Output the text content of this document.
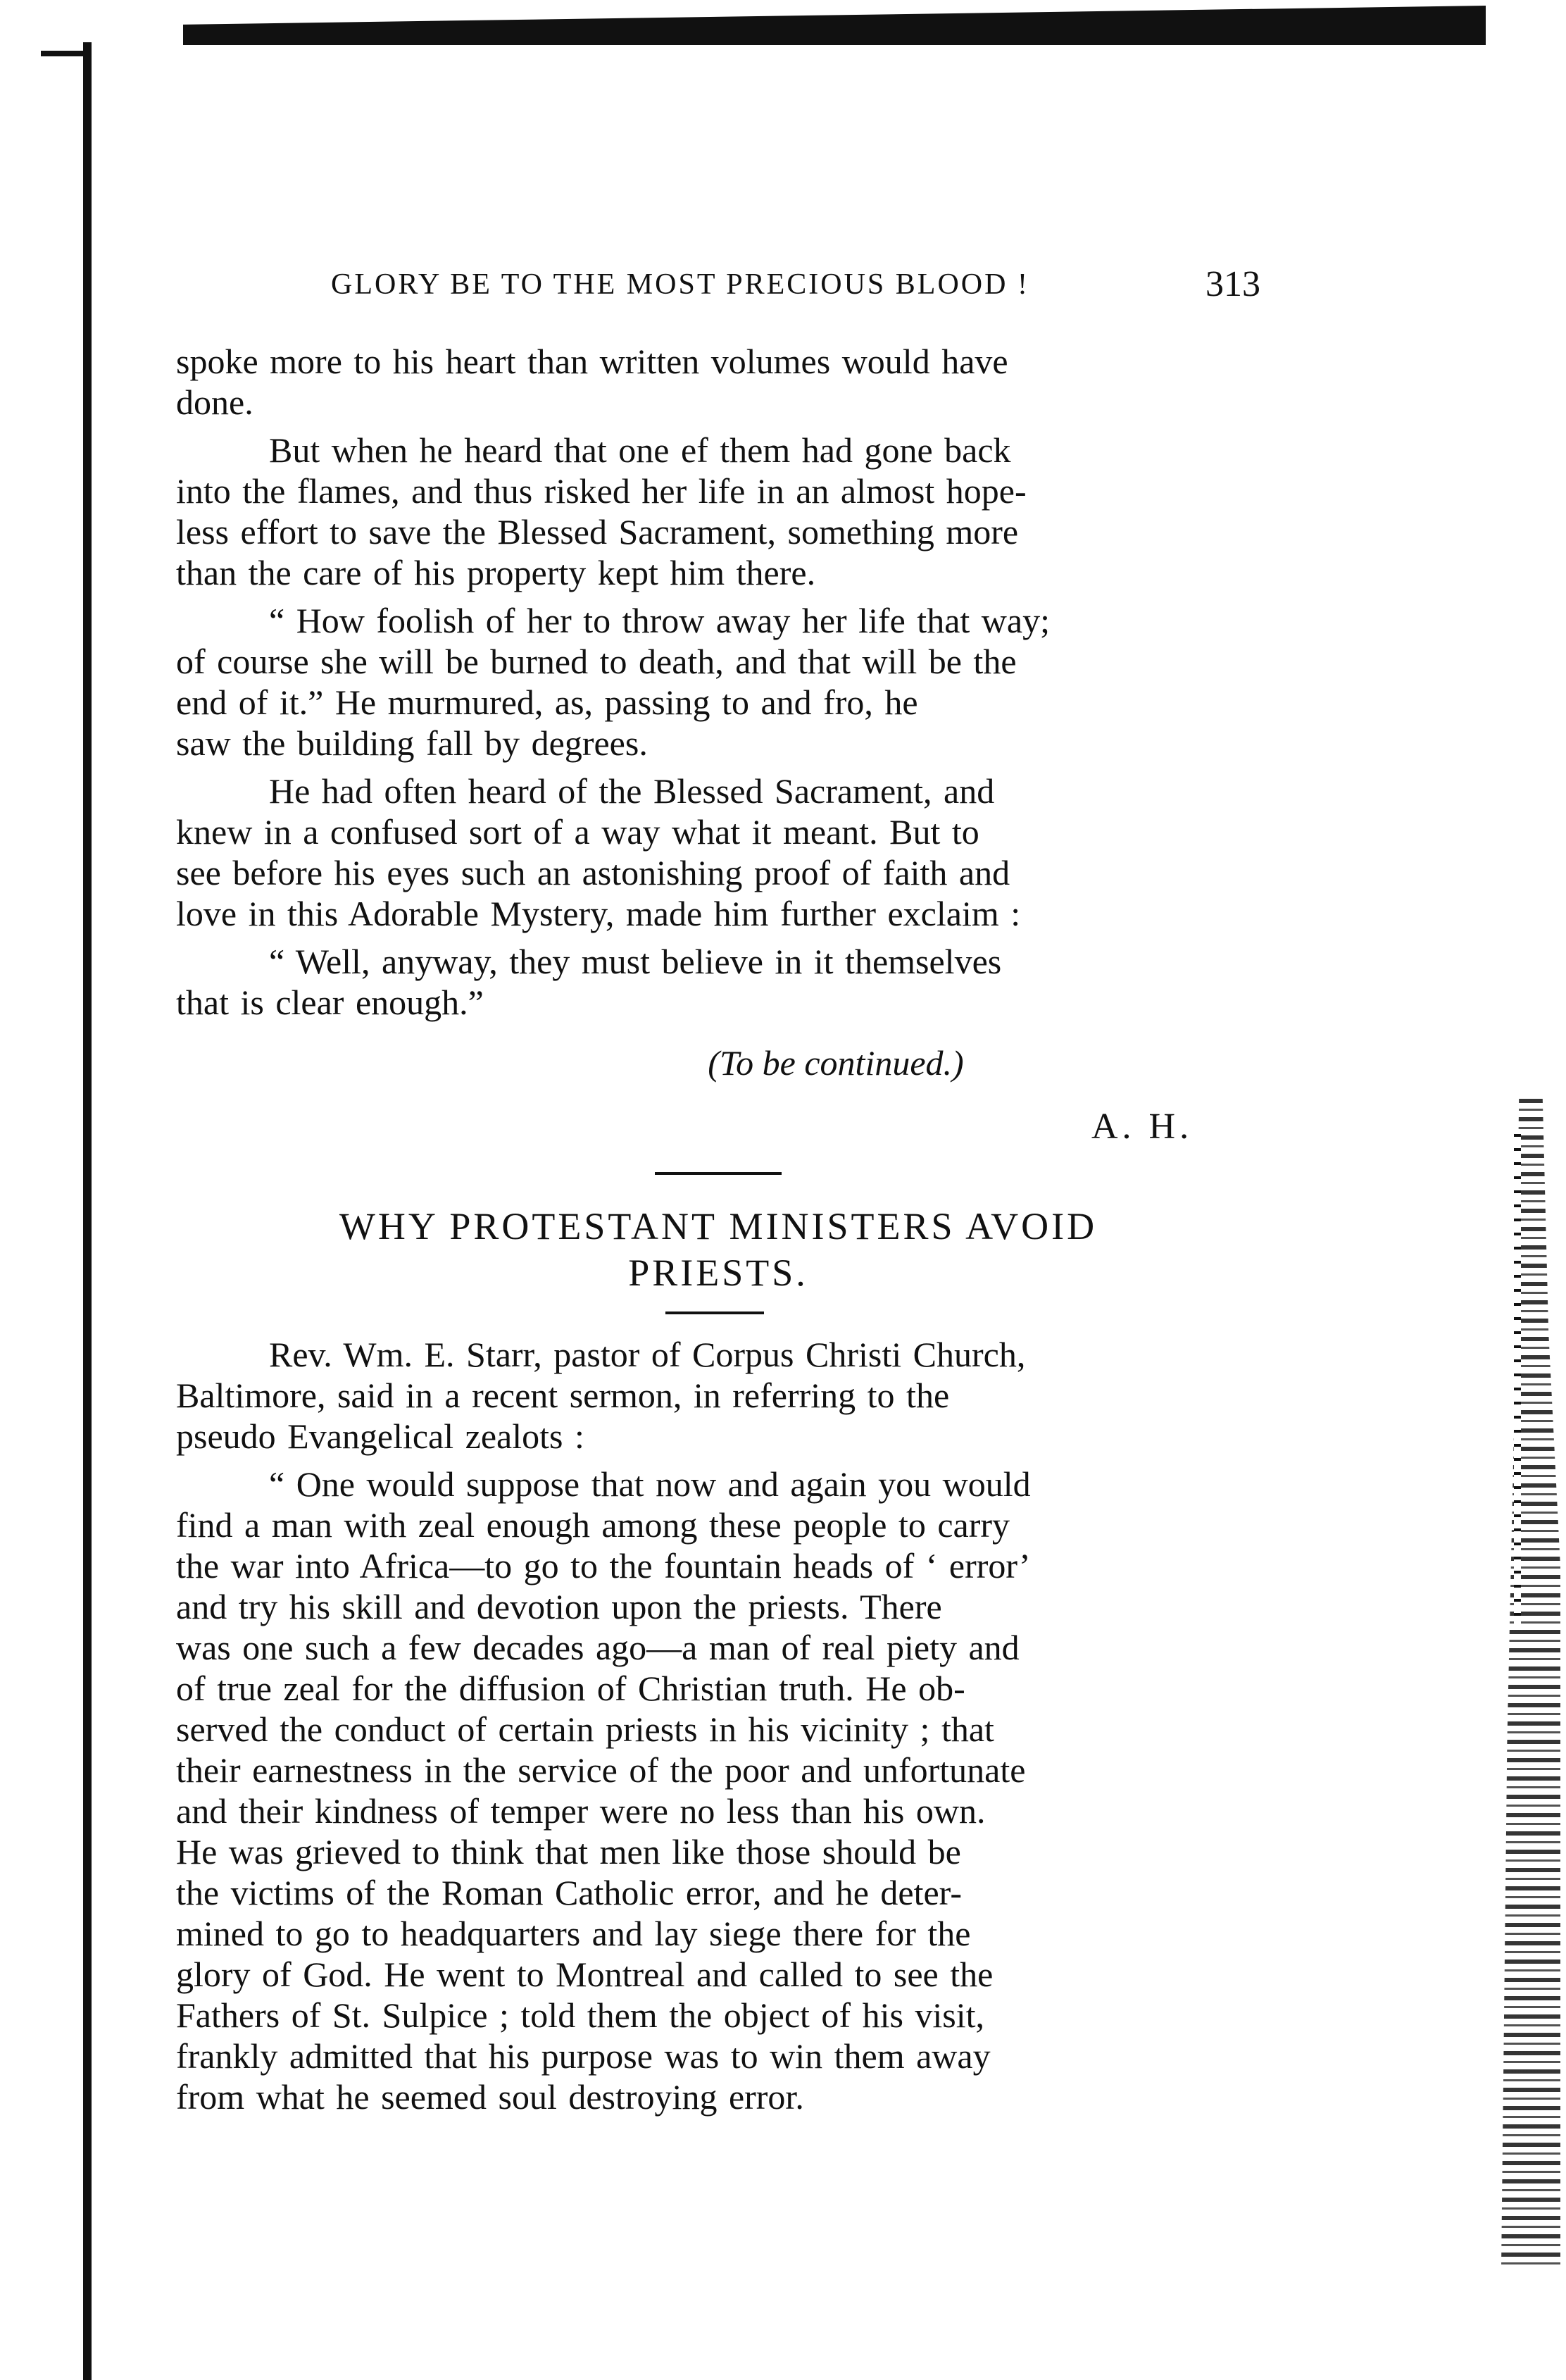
GLORY BE TO THE MOST PRECIOUS BLOOD !	313
spoke more to his heart than written volumes would have
done.
But when he heard that one ef them had gone back
into the flames, and thus risked her life in an almost hope-
less effort to save the Blessed Sacrament, something more
than the care of his property kept him there.
“ How foolish of her to throw away her life that way;
of course she will be burned to death, and that will be the
end of it.” He murmured, as, passing to and fro, he
saw the building fall by degrees.
He had often heard of the Blessed Sacrament, and
knew in a confused sort of a way what it meant. But to
see before his eyes such an astonishing proof of faith and
love in this Adorable Mystery, made him further exclaim :
“ Well, anyway, they must believe in it themselves
that is clear enough.”
(To be continued.)
A. H.
WHY PROTESTANT MINISTERS AVOID
PRIESTS.
Rev. Wm. E. Starr, pastor of Corpus Christi Church,
Baltimore, said in a recent sermon, in referring to the
pseudo Evangelical zealots :
“ One would suppose that now and again you would
find a man with zeal enough among these people to carry
the war into Africa—to go to the fountain heads of ‘ error’
and try his skill and devotion upon the priests. There
was one such a few decades ago—a man of real piety and
of true zeal for the diffusion of Christian truth. He ob-
served the conduct of certain priests in his vicinity ; that
their earnestness in the service of the poor and unfortunate
and their kindness of temper were no less than his own.
He was grieved to think that men like those should be
the victims of the Roman Catholic error, and he deter-
mined to go to headquarters and lay siege there for the
glory of God. He went to Montreal and called to see the
Fathers of St. Sulpice ; told them the object of his visit,
frankly admitted that his purpose was to win them away
from what he seemed soul destroying error.
